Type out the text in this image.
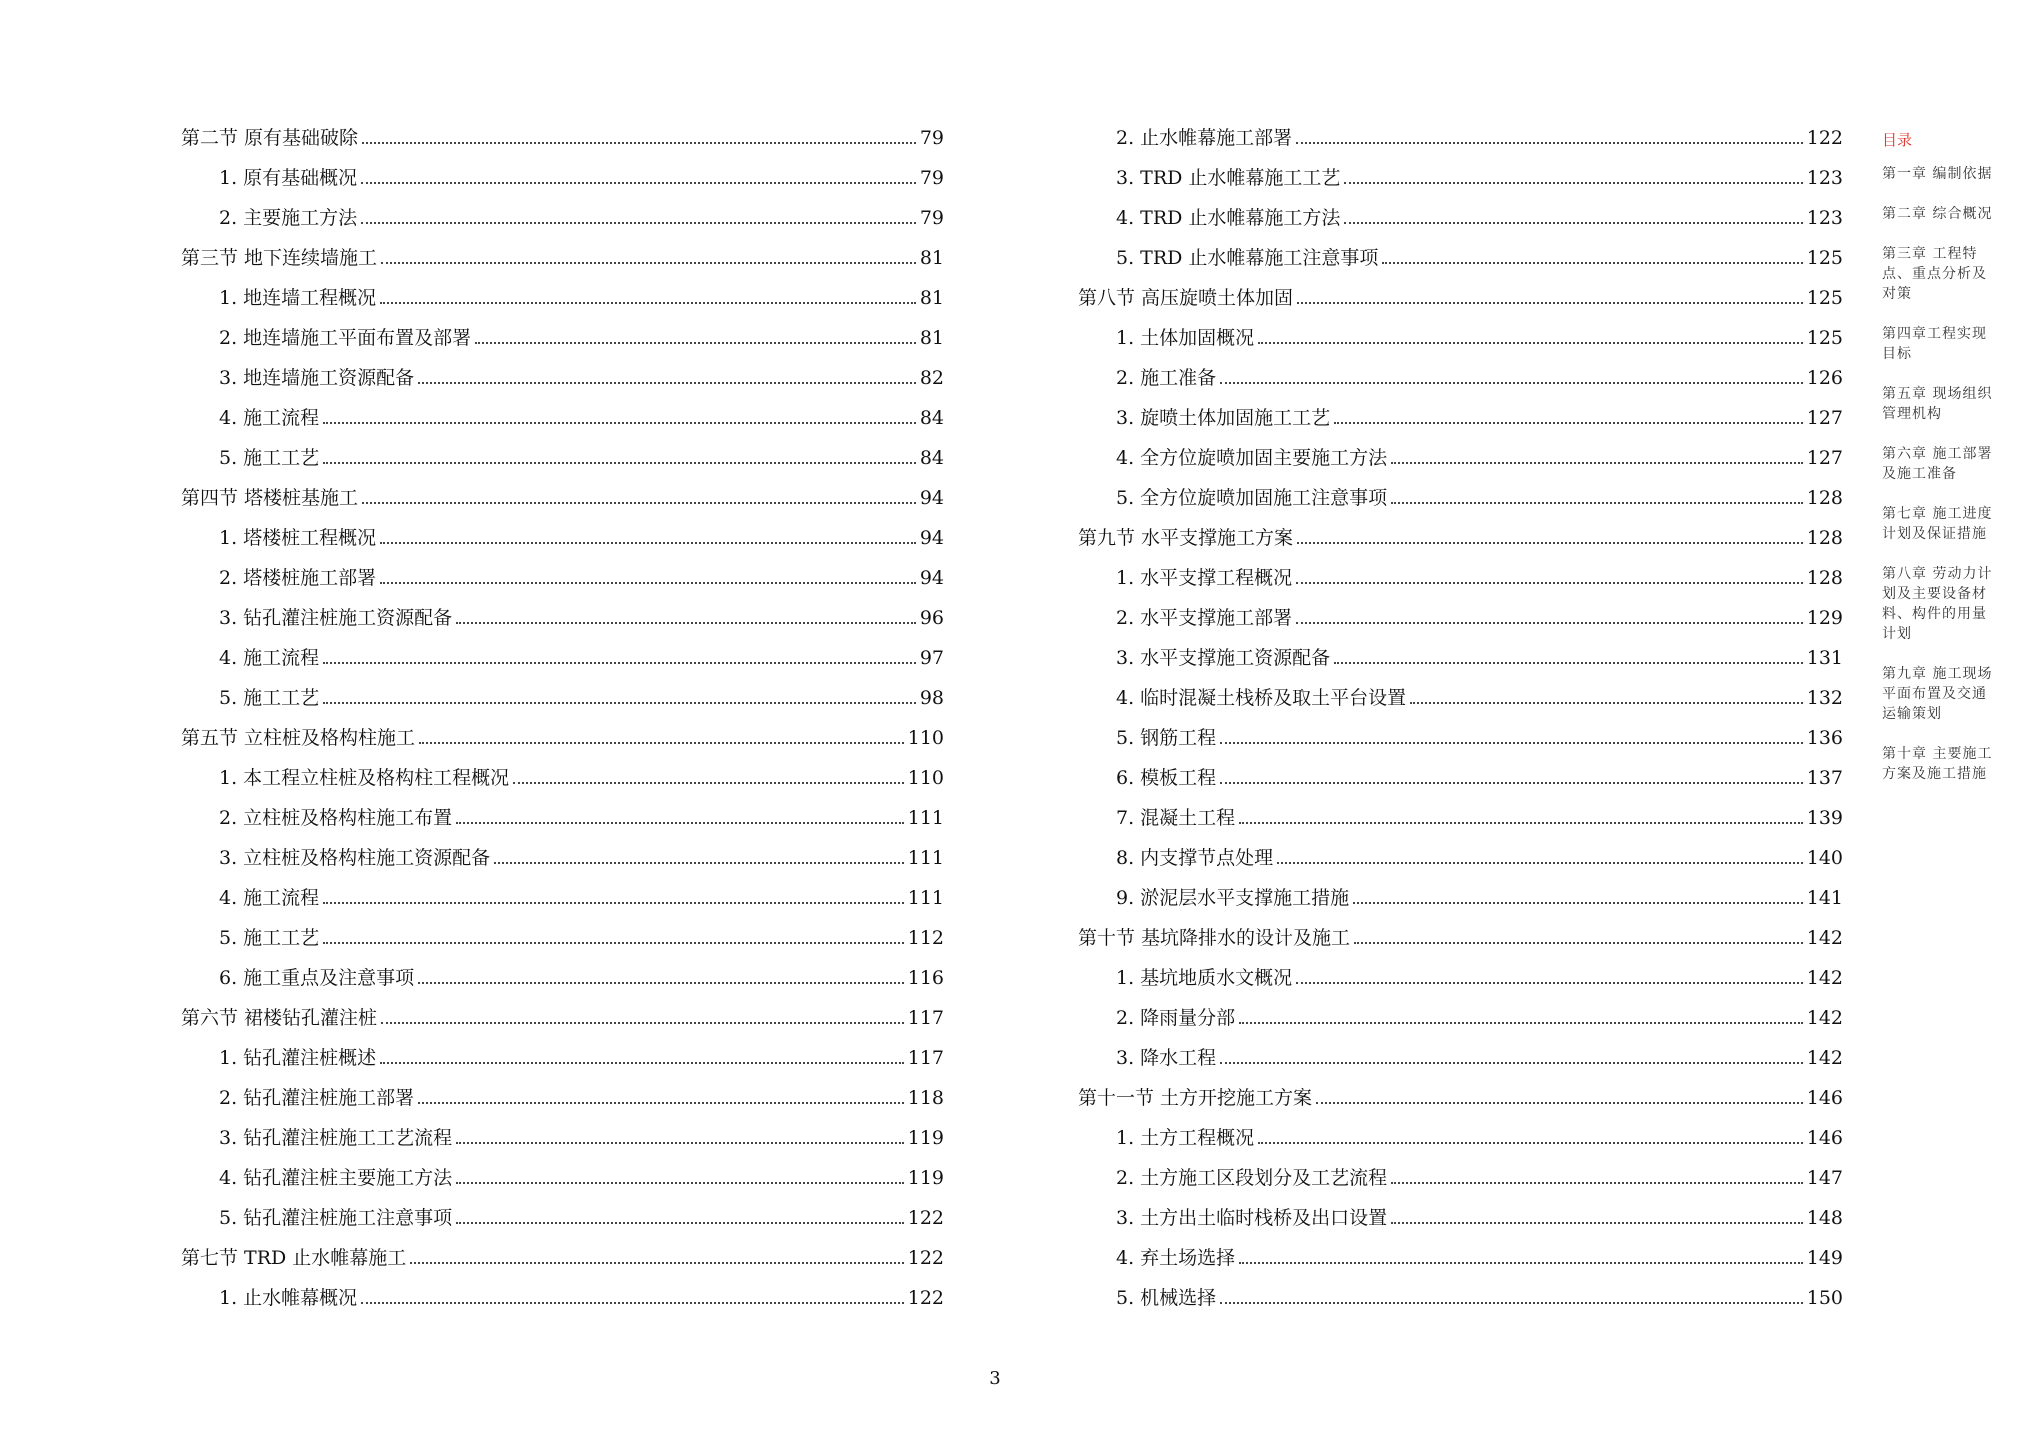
第二节 原有基础破除	79
1. 原有基础概况	79
2. 主要施工方法	79
第三节 地下连续墙施工	81
1. 地连墙工程概况	81
2. 地连墙施工平面布置及部署	81
3. 地连墙施工资源配备	82
4. 施工流程	84
5. 施工工艺	84
第四节 塔楼桩基施工	94
1. 塔楼桩工程概况	94
2. 塔楼桩施工部署	94
3. 钻孔灌注桩施工资源配备	96
4. 施工流程	97
5. 施工工艺	98
第五节 立柱桩及格构柱施工	110
1. 本工程立柱桩及格构柱工程概况	110
2. 立柱桩及格构柱施工布置	111
3. 立柱桩及格构柱施工资源配备	111
4. 施工流程	111
5. 施工工艺	112
6. 施工重点及注意事项	116
第六节 裙楼钻孔灌注桩	117
1. 钻孔灌注桩概述	117
2. 钻孔灌注桩施工部署	118
3. 钻孔灌注桩施工工艺流程	119
4. 钻孔灌注桩主要施工方法	119
5. 钻孔灌注桩施工注意事项	122
第七节 TRD 止水帷幕施工	122
1. 止水帷幕概况	122
2. 止水帷幕施工部署	122
3. TRD 止水帷幕施工工艺	123
4. TRD 止水帷幕施工方法	123
5. TRD 止水帷幕施工注意事项	125
第八节 高压旋喷土体加固	125
1. 土体加固概况	125
2. 施工准备	126
3. 旋喷土体加固施工工艺	127
4. 全方位旋喷加固主要施工方法	127
5. 全方位旋喷加固施工注意事项	128
第九节 水平支撑施工方案	128
1. 水平支撑工程概况	128
2. 水平支撑施工部署	129
3. 水平支撑施工资源配备	131
4. 临时混凝土栈桥及取土平台设置	132
5. 钢筋工程	136
6. 模板工程	137
7. 混凝土工程	139
8. 内支撑节点处理	140
9. 淤泥层水平支撑施工措施	141
第十节 基坑降排水的设计及施工	142
1. 基坑地质水文概况	142
2. 降雨量分部	142
3. 降水工程	142
第十一节 土方开挖施工方案	146
1. 土方工程概况	146
2. 土方施工区段划分及工艺流程	147
3. 土方出土临时栈桥及出口设置	148
4. 弃土场选择	149
5. 机械选择	150
目录
第一章 编制依据
第二章 综合概况
第三章 工程特点、重点分析及对策
第四章工程实现目标
第五章 现场组织管理机构
第六章 施工部署及施工准备
第七章 施工进度计划及保证措施
第八章 劳动力计划及主要设备材料、构件的用量计划
第九章 施工现场平面布置及交通运输策划
第十章 主要施工方案及施工措施
3
